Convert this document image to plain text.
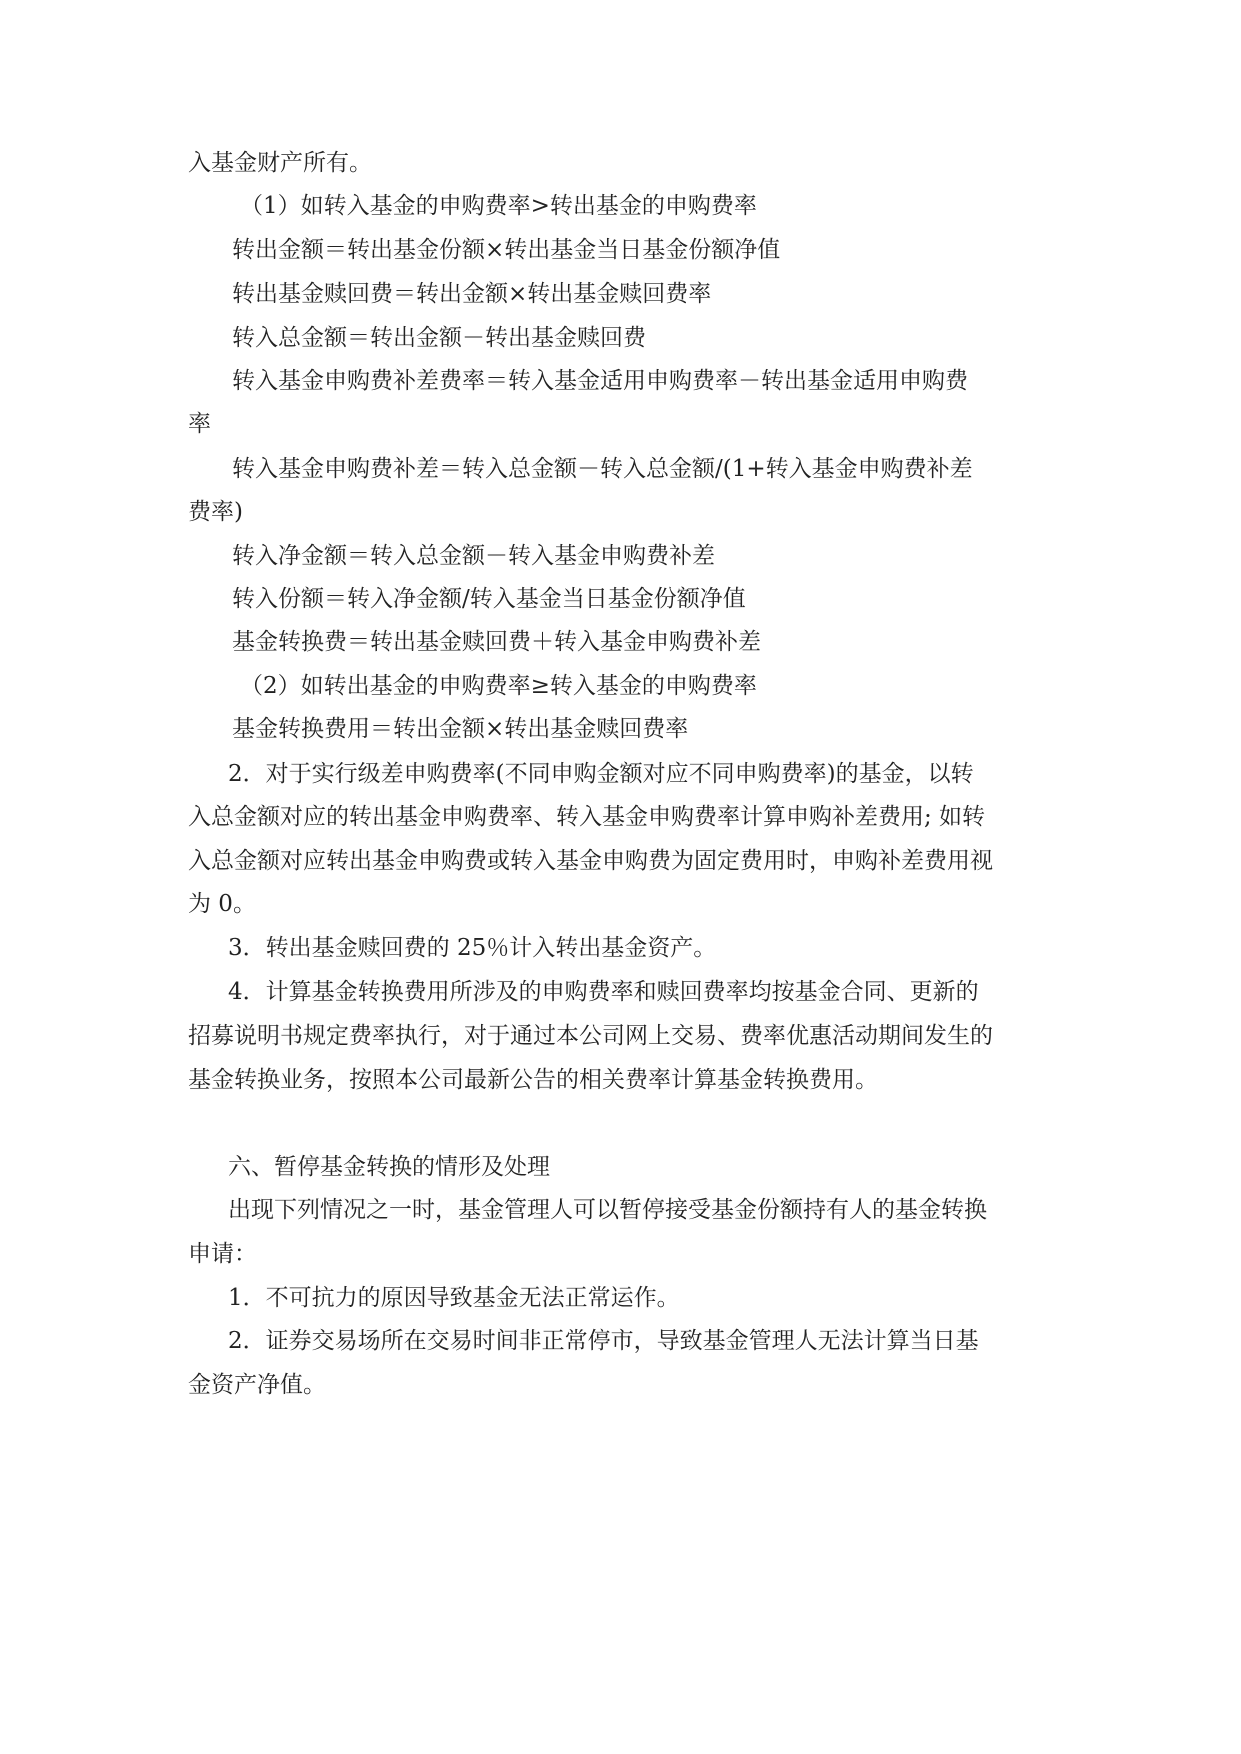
入基金财产所有。
（1）如转入基金的申购费率>转出基金的申购费率
转出金额＝转出基金份额×转出基金当日基金份额净值
转出基金赎回费＝转出金额×转出基金赎回费率
转入总金额＝转出金额－转出基金赎回费
转入基金申购费补差费率＝转入基金适用申购费率－转出基金适用申购费
率
转入基金申购费补差＝转入总金额－转入总金额/(1+转入基金申购费补差
费率)
转入净金额＝转入总金额－转入基金申购费补差
转入份额＝转入净金额/转入基金当日基金份额净值
基金转换费＝转出基金赎回费＋转入基金申购费补差
（2）如转出基金的申购费率≥转入基金的申购费率
基金转换费用＝转出金额×转出基金赎回费率
2．对于实行级差申购费率(不同申购金额对应不同申购费率)的基金，以转
入总金额对应的转出基金申购费率、转入基金申购费率计算申购补差费用; 如转
入总金额对应转出基金申购费或转入基金申购费为固定费用时，申购补差费用视
为 0。
3．转出基金赎回费的 25％计入转出基金资产。
4．计算基金转换费用所涉及的申购费率和赎回费率均按基金合同、更新的
招募说明书规定费率执行，对于通过本公司网上交易、费率优惠活动期间发生的
基金转换业务，按照本公司最新公告的相关费率计算基金转换费用。
六、暂停基金转换的情形及处理
出现下列情况之一时，基金管理人可以暂停接受基金份额持有人的基金转换
申请：
1．不可抗力的原因导致基金无法正常运作。
2．证券交易场所在交易时间非正常停市，导致基金管理人无法计算当日基
金资产净值。
